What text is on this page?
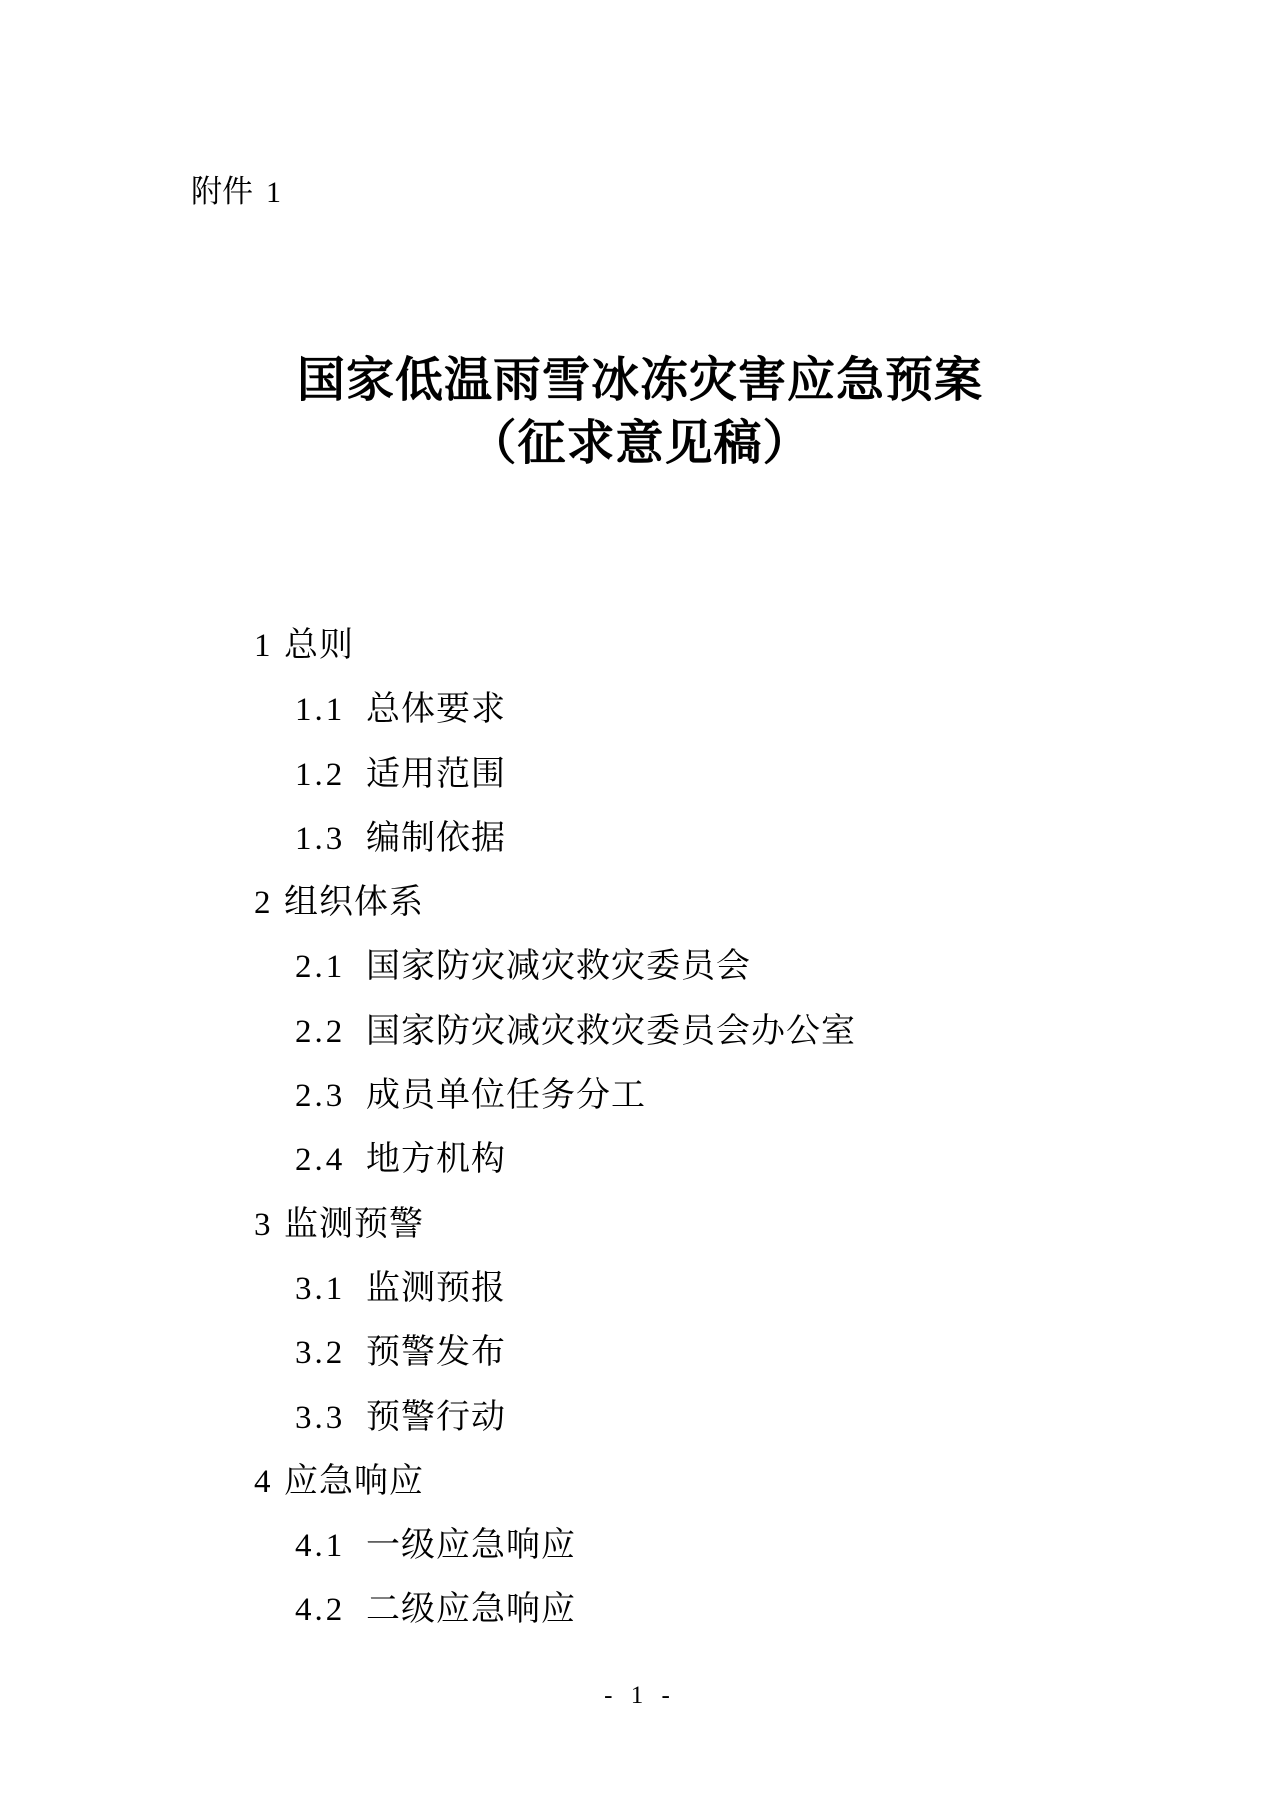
附件 1
国家低温雨雪冰冻灾害应急预案
（征求意见稿）
1 总则
1.1 总体要求
1.2 适用范围
1.3 编制依据
2 组织体系
2.1 国家防灾减灾救灾委员会
2.2 国家防灾减灾救灾委员会办公室
2.3 成员单位任务分工
2.4 地方机构
3 监测预警
3.1 监测预报
3.2 预警发布
3.3 预警行动
4 应急响应
4.1 一级应急响应
4.2 二级应急响应
- 1 -
